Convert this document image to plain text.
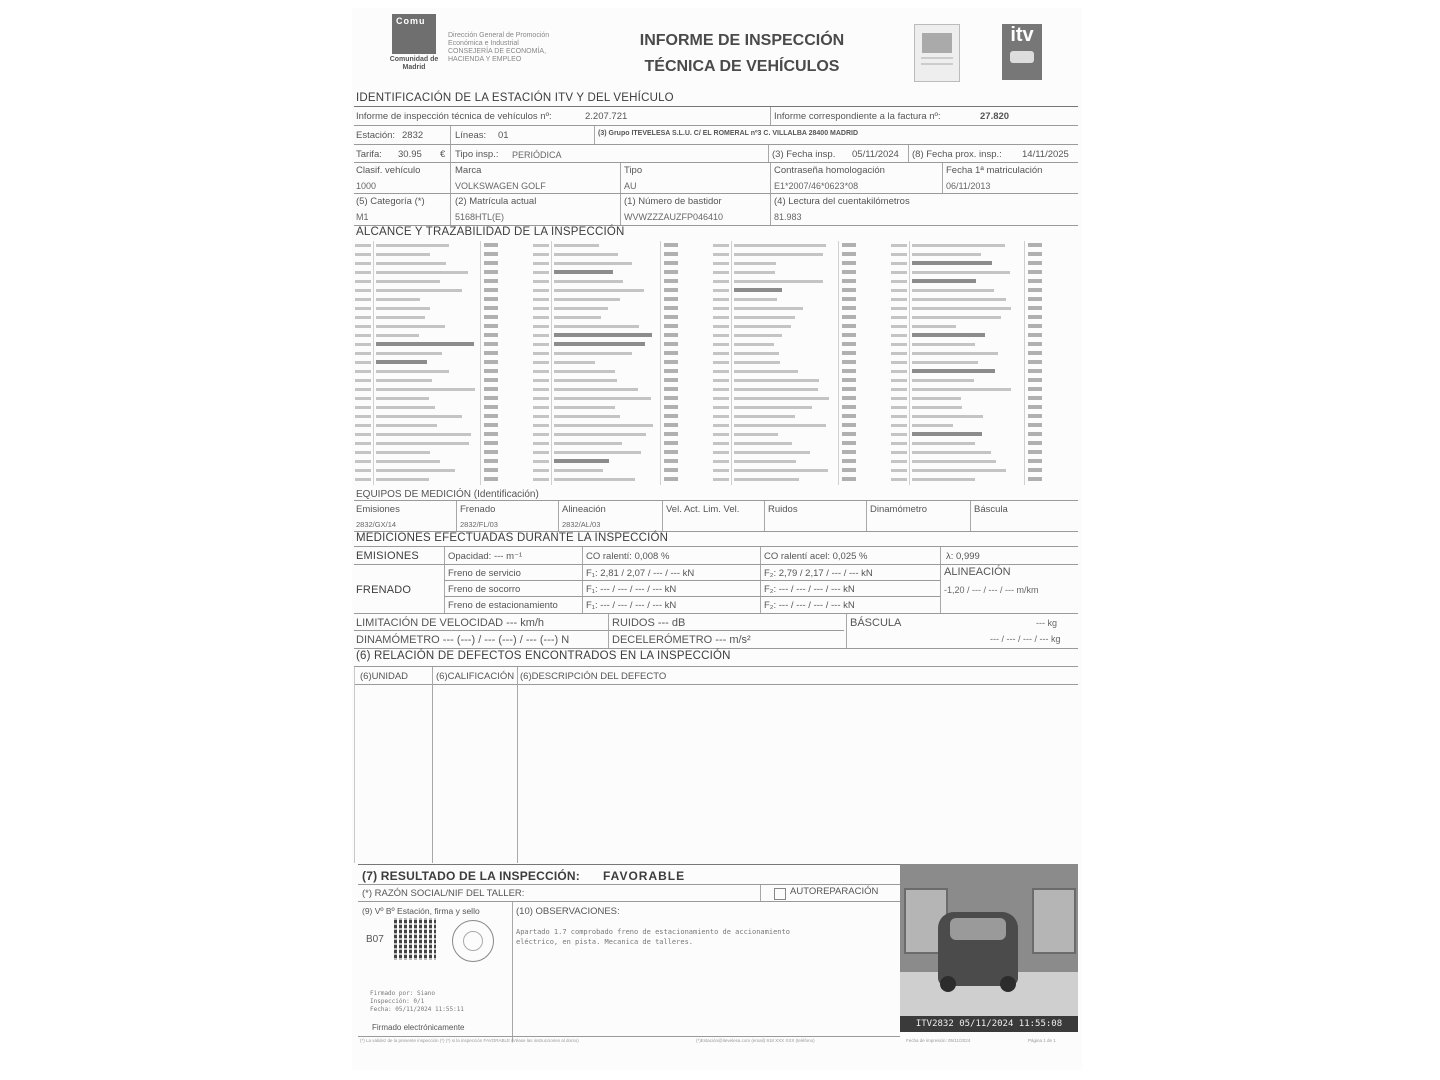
Comu
Comunidad de Madrid
Dirección General de Promoción
Económica e Industrial
CONSEJERÍA DE ECONOMÍA,
HACIENDA Y EMPLEO
INFORME DE INSPECCIÓN
TÉCNICA DE VEHÍCULOS
itv
IDENTIFICACIÓN DE LA ESTACIÓN ITV Y DEL VEHÍCULO
Informe de inspección técnica de vehículos nº:	2.207.721	Informe correspondiente a la factura nº:	27.820
Estación: 2832	Líneas: 01	(3) Grupo ITEVELESA S.L.U. C/ EL ROMERAL nº3 C. VILLALBA 28400 MADRID
Tarifa: 30.95 € Tipo insp.: PERIÓDICA	(3) Fecha insp. 05/11/2024 (8) Fecha prox. insp.: 14/11/2025
Clasif. vehículo
1000
Marca
VOLKSWAGEN GOLF
Tipo
AU
Contraseña homologación
E1*2007/46*0623*08
Fecha 1ª matriculación
06/11/2013
(5) Categoría (*)
M1
(2) Matrícula actual
5168HTL(E)
(1) Número de bastidor
WVWZZZAUZFP046410
(4) Lectura del cuentakilómetros
81.983
ALCANCE Y TRAZABILIDAD DE LA INSPECCIÓN
EQUIPOS DE MEDICIÓN (Identificación)
Emisiones	Frenado	Alineación	Vel. Act. Lim. Vel.	Ruidos	Dinamómetro	Báscula
2832/GX/14	2832/FL/03	2832/AL/03
MEDICIONES EFECTUADAS DURANTE LA INSPECCIÓN
EMISIONES	Opacidad: --- m⁻¹	CO ralentí: 0,008 %	CO ralentí acel: 0,025 %	λ: 0,999
FRENADO
Freno de servicio	F₁: 2,81 / 2,07 / --- / --- kN	F₂: 2,79 / 2,17 / --- / --- kN
Freno de socorro	F₁: --- / --- / --- / --- kN	F₂: --- / --- / --- / --- kN
Freno de estacionamiento	F₁: --- / --- / --- / --- kN	F₂: --- / --- / --- / --- kN
ALINEACIÓN
-1,20 / --- / --- / --- m/km
LIMITACIÓN DE VELOCIDAD --- km/h	RUIDOS --- dB	BÁSCULA	--- kg
DINAMÓMETRO --- (---) / --- (---) / --- (---) N	DECELERÓMETRO --- m/s²	--- / --- / --- / --- kg
(6) RELACIÓN DE DEFECTOS ENCONTRADOS EN LA INSPECCIÓN
(6)UNIDAD	(6)CALIFICACIÓN (6)DESCRIPCIÓN DEL DEFECTO
(7) RESULTADO DE LA INSPECCIÓN: FAVORABLE
(*) RAZÓN SOCIAL/NIF DEL TALLER:	AUTOREPARACIÓN
(9) Vº Bº Estación, firma y sello	(10) OBSERVACIONES:
Apartado 1.7 comprobado freno de estacionamiento de accionamiento
eléctrico, en pista. Mecanica de talleres.
B07
Firmado por: Siano
Inspección: 0/1
Fecha: 05/11/2024 11:55:11
Firmado electrónicamente	ITV2832 05/11/2024 11:55:08
(*) La validez de la presente inspección (*) (*) si la inspección FAVORABLE (Véase las instrucciones al dorso)	(*)Estación@itevelesa.com (email) 918 XXX XXX (teléfono)	Fecha de impresión: 05/11/2024	Página 1 de 1
